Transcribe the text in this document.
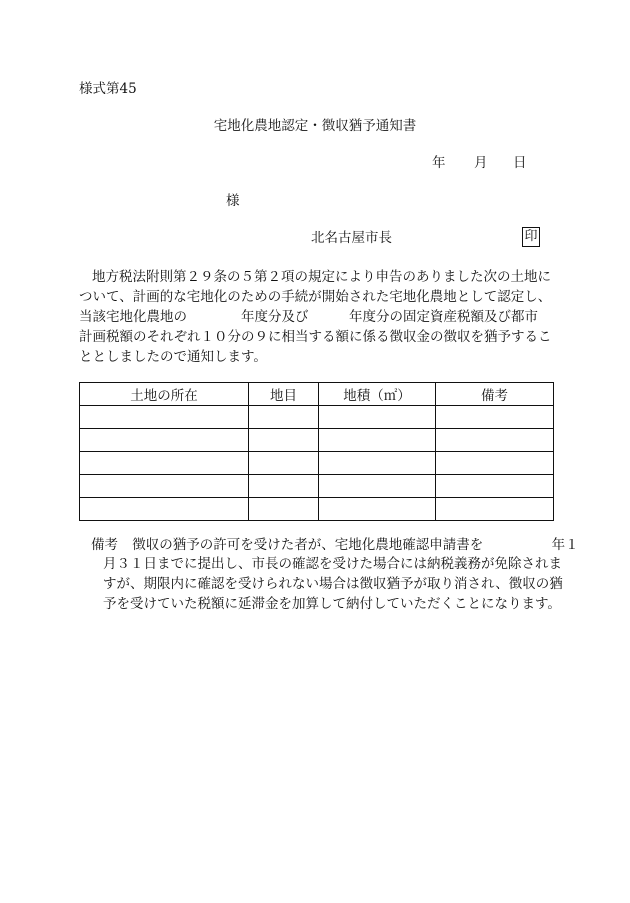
様式第45
宅地化農地認定・徴収猶予通知書
年 月 日
様
北名古屋市長	印
地方税法附則第２９条の５第２項の規定により申告のありました次の土地に
ついて、計画的な宅地化のための手続が開始された宅地化農地として認定し、
当該宅地化農地の	年度分及び	年度分の固定資産税額及び都市
計画税額のそれぞれ１０分の９に相当する額に係る徴収金の徴収を猶予するこ
ととしましたので通知します。
土地の所在	地目	地積（㎡）	備考

備考 徴収の猶予の許可を受けた者が、宅地化農地確認申請書を	年１
月３１日までに提出し、市長の確認を受けた場合には納税義務が免除されま
すが、期限内に確認を受けられない場合は徴収猶予が取り消され、徴収の猶
予を受けていた税額に延滞金を加算して納付していただくことになります。
